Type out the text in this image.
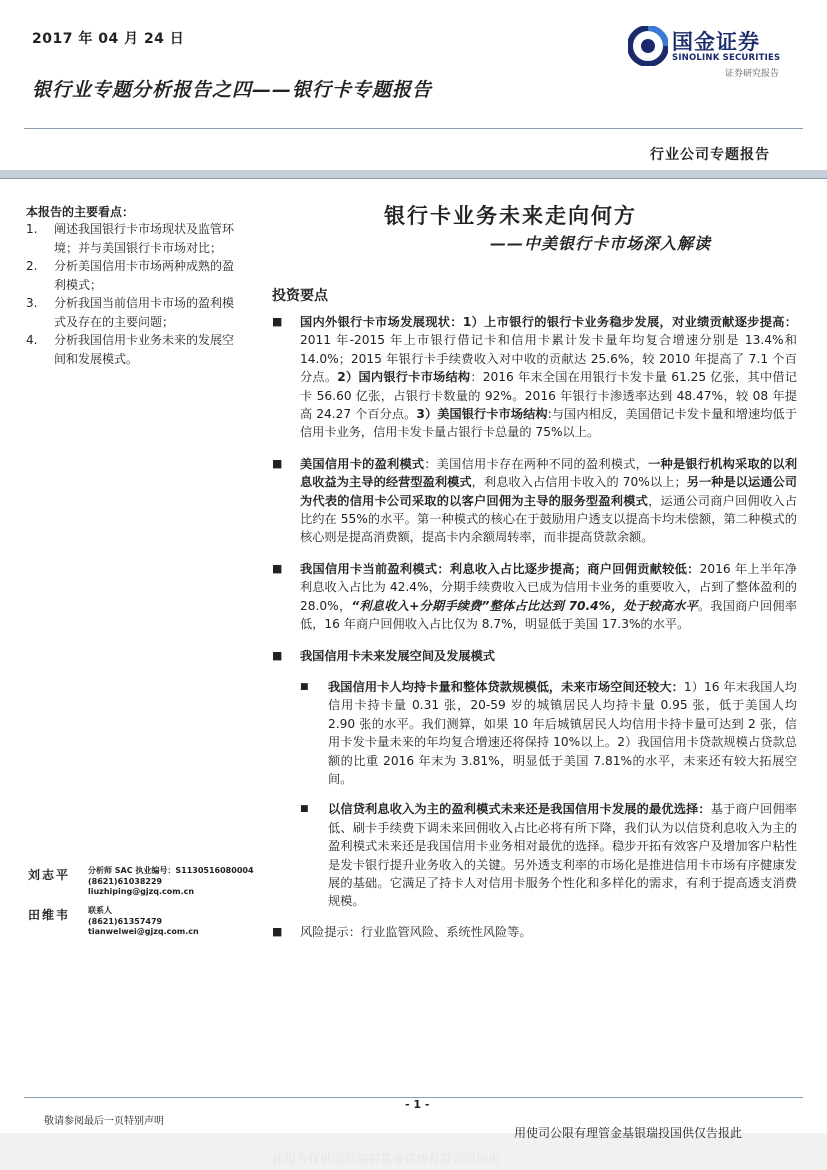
2017 年 04 月 24 日
银行业专题分析报告之四——银行卡专题报告
国金证券
SINOLINK SECURITIES
证券研究报告
行业公司专题报告
本报告的主要看点：
1.	阐述我国银行卡市场现状及监管环境；并与美国银行卡市场对比；
2.	分析美国信用卡市场两种成熟的盈利模式；
3.	分析我国当前信用卡市场的盈利模式及存在的主要问题；
4.	分析我国信用卡业务未来的发展空间和发展模式。
银行卡业务未来走向何方
——中美银行卡市场深入解读
投资要点
■	国内外银行卡市场发展现状：1）上市银行的银行卡业务稳步发展，对业绩贡献逐步提高：2011 年-2015 年上市银行借记卡和信用卡累计发卡量年均复合增速分别是 13.4%和 14.0%；2015 年银行卡手续费收入对中收的贡献达 25.6%，较 2010 年提高了 7.1 个百分点。2）国内银行卡市场结构：2016 年末全国在用银行卡发卡量 61.25 亿张，其中借记卡 56.60 亿张，占银行卡数量的 92%。2016 年银行卡渗透率达到 48.47%，较 08 年提高 24.27 个百分点。3）美国银行卡市场结构:与国内相反，美国借记卡发卡量和增速均低于信用卡业务，信用卡发卡量占银行卡总量的 75%以上。
■	美国信用卡的盈利模式：美国信用卡存在两种不同的盈利模式，一种是银行机构采取的以利息收益为主导的经营型盈利模式，利息收入占信用卡收入的 70%以上；另一种是以运通公司为代表的信用卡公司采取的以客户回佣为主导的服务型盈利模式，运通公司商户回佣收入占比约在 55%的水平。第一种模式的核心在于鼓励用户透支以提高卡均未偿额，第二种模式的核心则是提高消费额，提高卡内余额周转率，而非提高贷款余额。
■	我国信用卡当前盈利模式：利息收入占比逐步提高；商户回佣贡献较低：2016 年上半年净利息收入占比为 42.4%，分期手续费收入已成为信用卡业务的重要收入，占到了整体盈利的 28.0%，“利息收入+分期手续费”整体占比达到 70.4%，处于较高水平。我国商户回佣率低，16 年商户回佣收入占比仅为 8.7%，明显低于美国 17.3%的水平。
■	我国信用卡未来发展空间及发展模式
■	我国信用卡人均持卡量和整体贷款规模低，未来市场空间还较大：1）16 年末我国人均信用卡持卡量 0.31 张，20-59 岁的城镇居民人均持卡量 0.95 张，低于美国人均 2.90 张的水平。我们测算，如果 10 年后城镇居民人均信用卡持卡量可达到 2 张，信用卡发卡量未来的年均复合增速还将保持 10%以上。2）我国信用卡贷款规模占贷款总额的比重 2016 年末为 3.81%，明显低于美国 7.81%的水平，未来还有较大拓展空间。
■	以信贷利息收入为主的盈利模式未来还是我国信用卡发展的最优选择：基于商户回佣率低、刷卡手续费下调未来回佣收入占比必将有所下降，我们认为以信贷利息收入为主的盈利模式未来还是我国信用卡业务相对最优的选择。稳步开拓有效客户及增加客户粘性是发卡银行提升业务收入的关键。另外透支利率的市场化是推进信用卡市场有序健康发展的基础。它满足了持卡人对信用卡服务个性化和多样化的需求，有利于提高透支消费规模。
■	风险提示：行业监管风险、系统性风险等。
刘志平 分析师 SAC 执业编号：S1130516080004
(8621)61038229
liuzhiping@gjzq.com.cn
田维韦 联系人
(8621)61357479
tianweiwei@gjzq.com.cn
- 1 -
敬请参阅最后一页特别声明
用使司公限有理管金基银瑞投国供仅告报此
此报告仅供国投瑞银基金管理有限公司使用
